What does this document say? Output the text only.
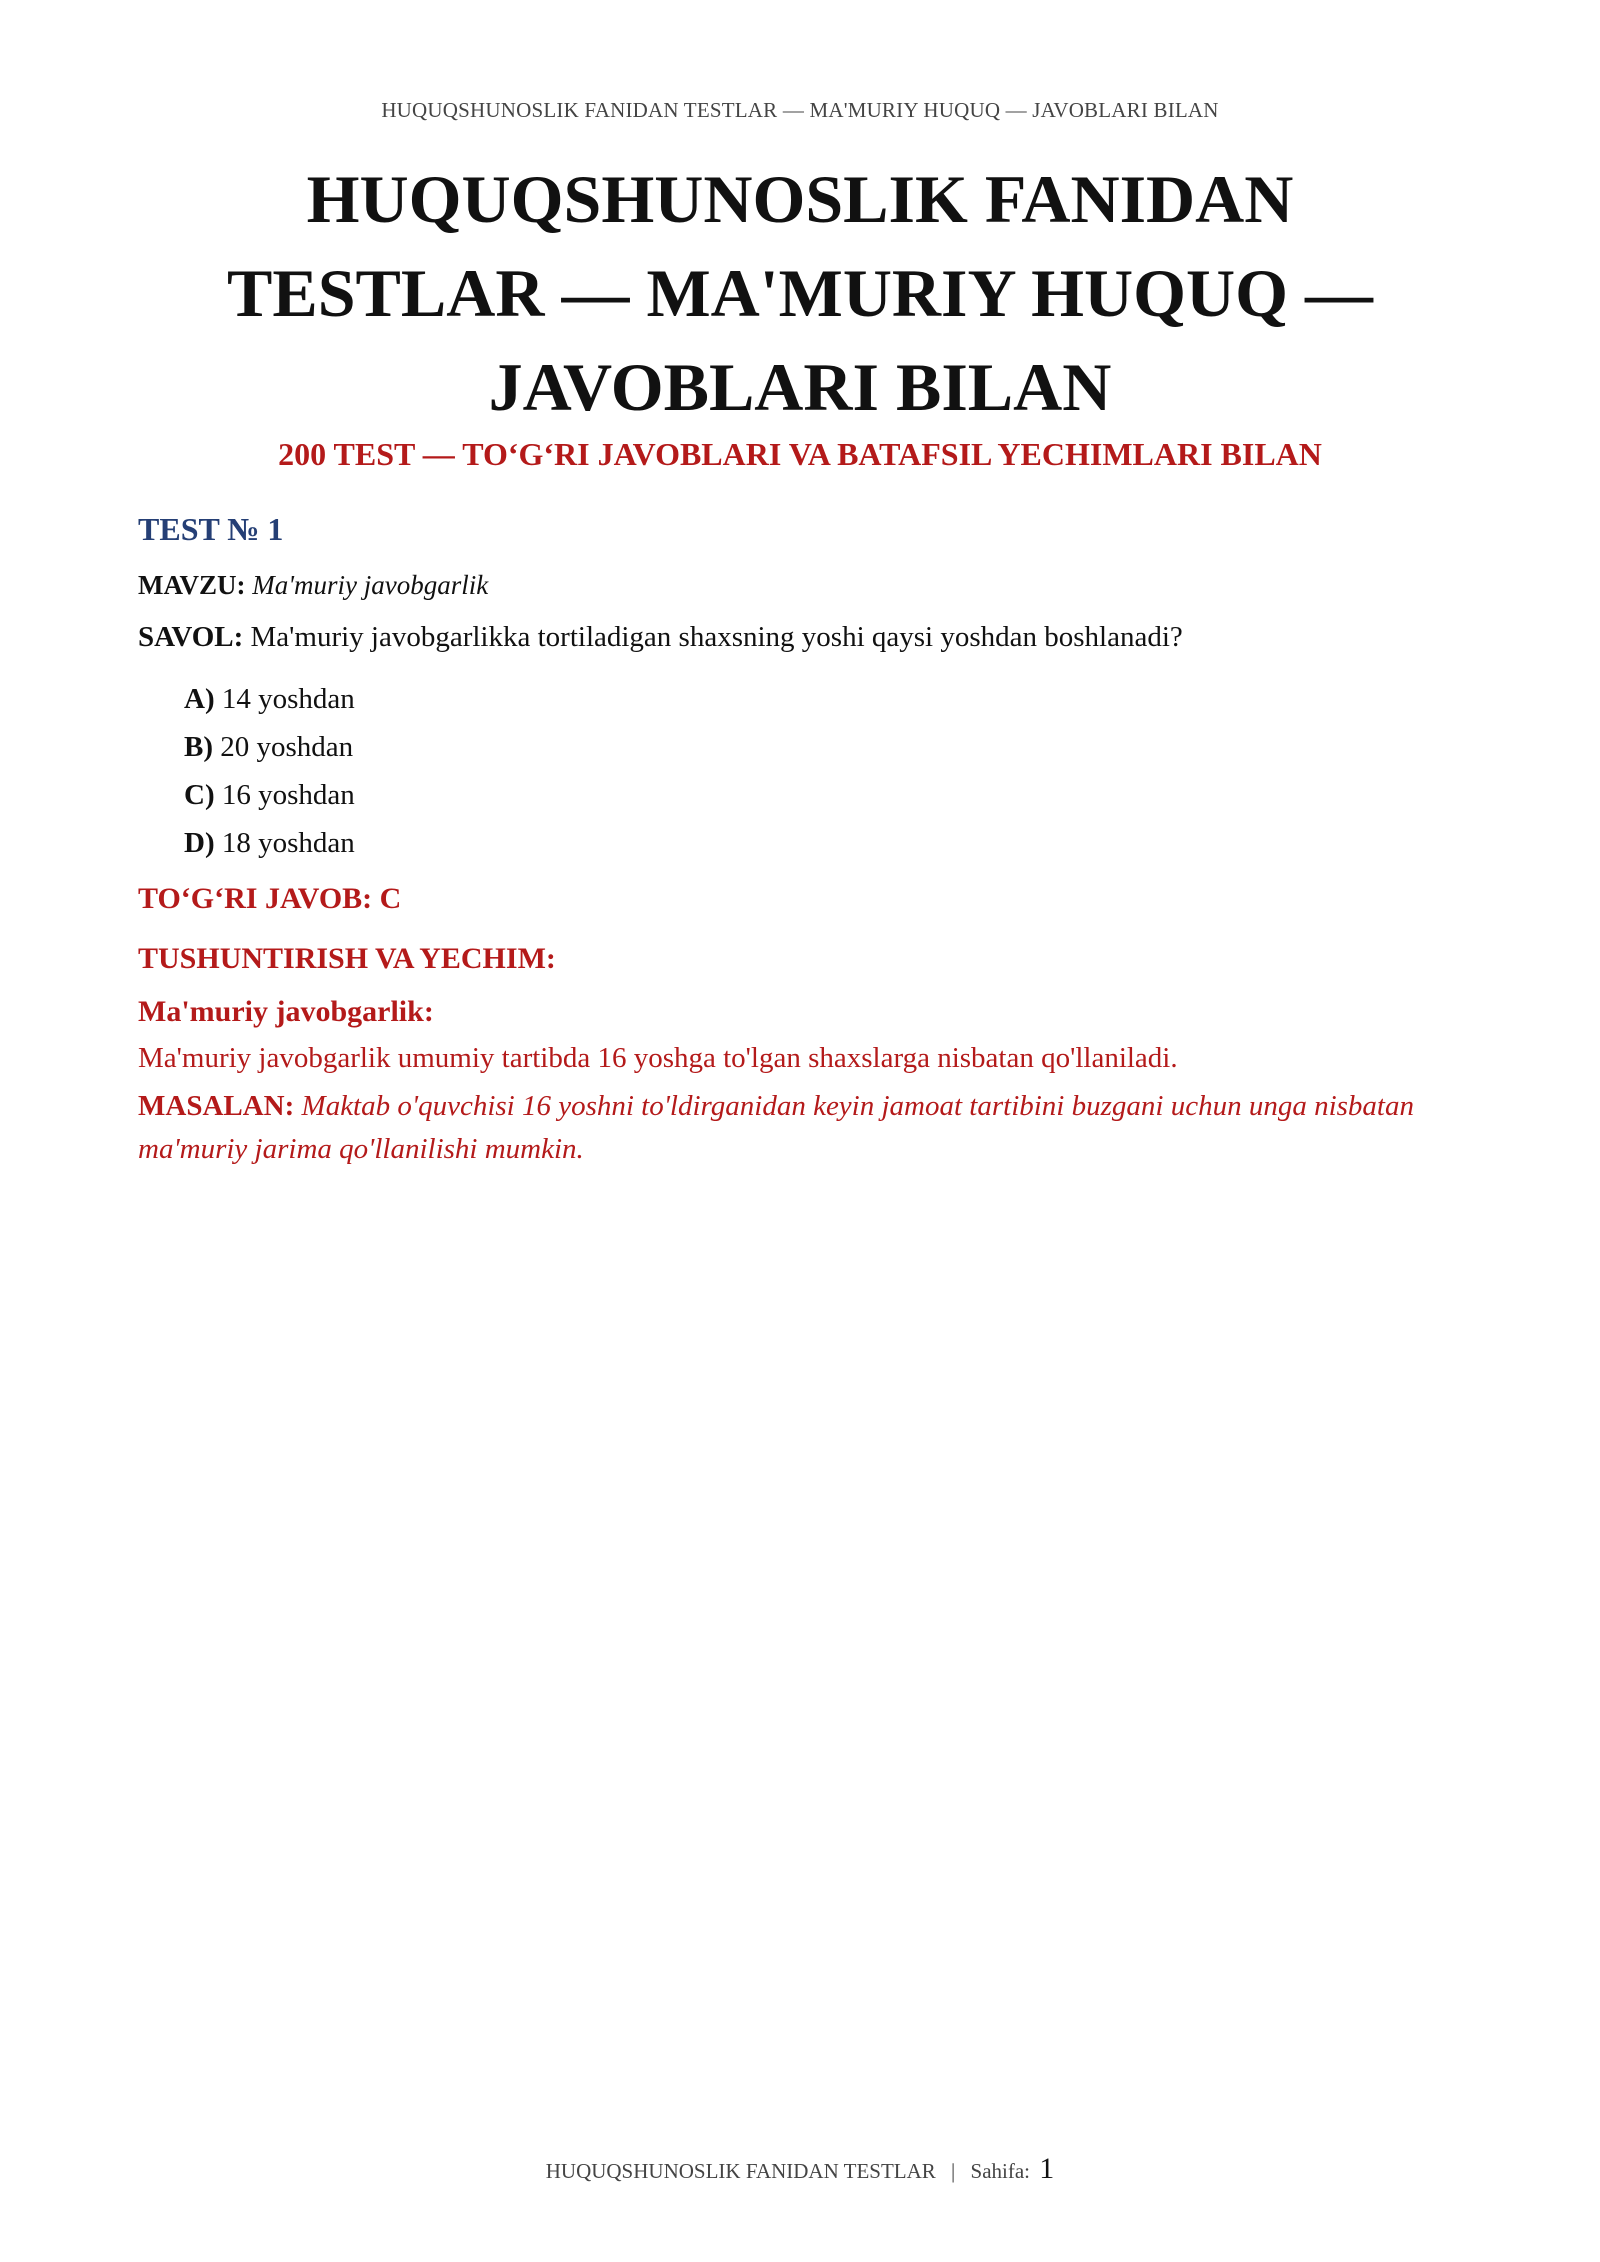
HUQUQSHUNOSLIK FANIDAN TESTLAR — MA'MURIY HUQUQ — JAVOBLARI BILAN
HUQUQSHUNOSLIK FANIDAN
TESTLAR — MA'MURIY HUQUQ —
JAVOBLARI BILAN
200 TEST — TO‘G‘RI JAVOBLARI VA BATAFSIL YECHIMLARI BILAN
TEST № 1
MAVZU: Ma'muriy javobgarlik
SAVOL: Ma'muriy javobgarlikka tortiladigan shaxsning yoshi qaysi yoshdan boshlanadi?
A) 14 yoshdan
B) 20 yoshdan
C) 16 yoshdan
D) 18 yoshdan
TO‘G‘RI JAVOB: C
TUSHUNTIRISH VA YECHIM:
Ma'muriy javobgarlik:
Ma'muriy javobgarlik umumiy tartibda 16 yoshga to'lgan shaxslarga nisbatan qo'llaniladi.
MASALAN: Maktab o'quvchisi 16 yoshni to'ldirganidan keyin jamoat tartibini buzgani uchun unga nisbatan ma'muriy jarima qo'llanilishi mumkin.
HUQUQSHUNOSLIK FANIDAN TESTLAR | Sahifa: 1
